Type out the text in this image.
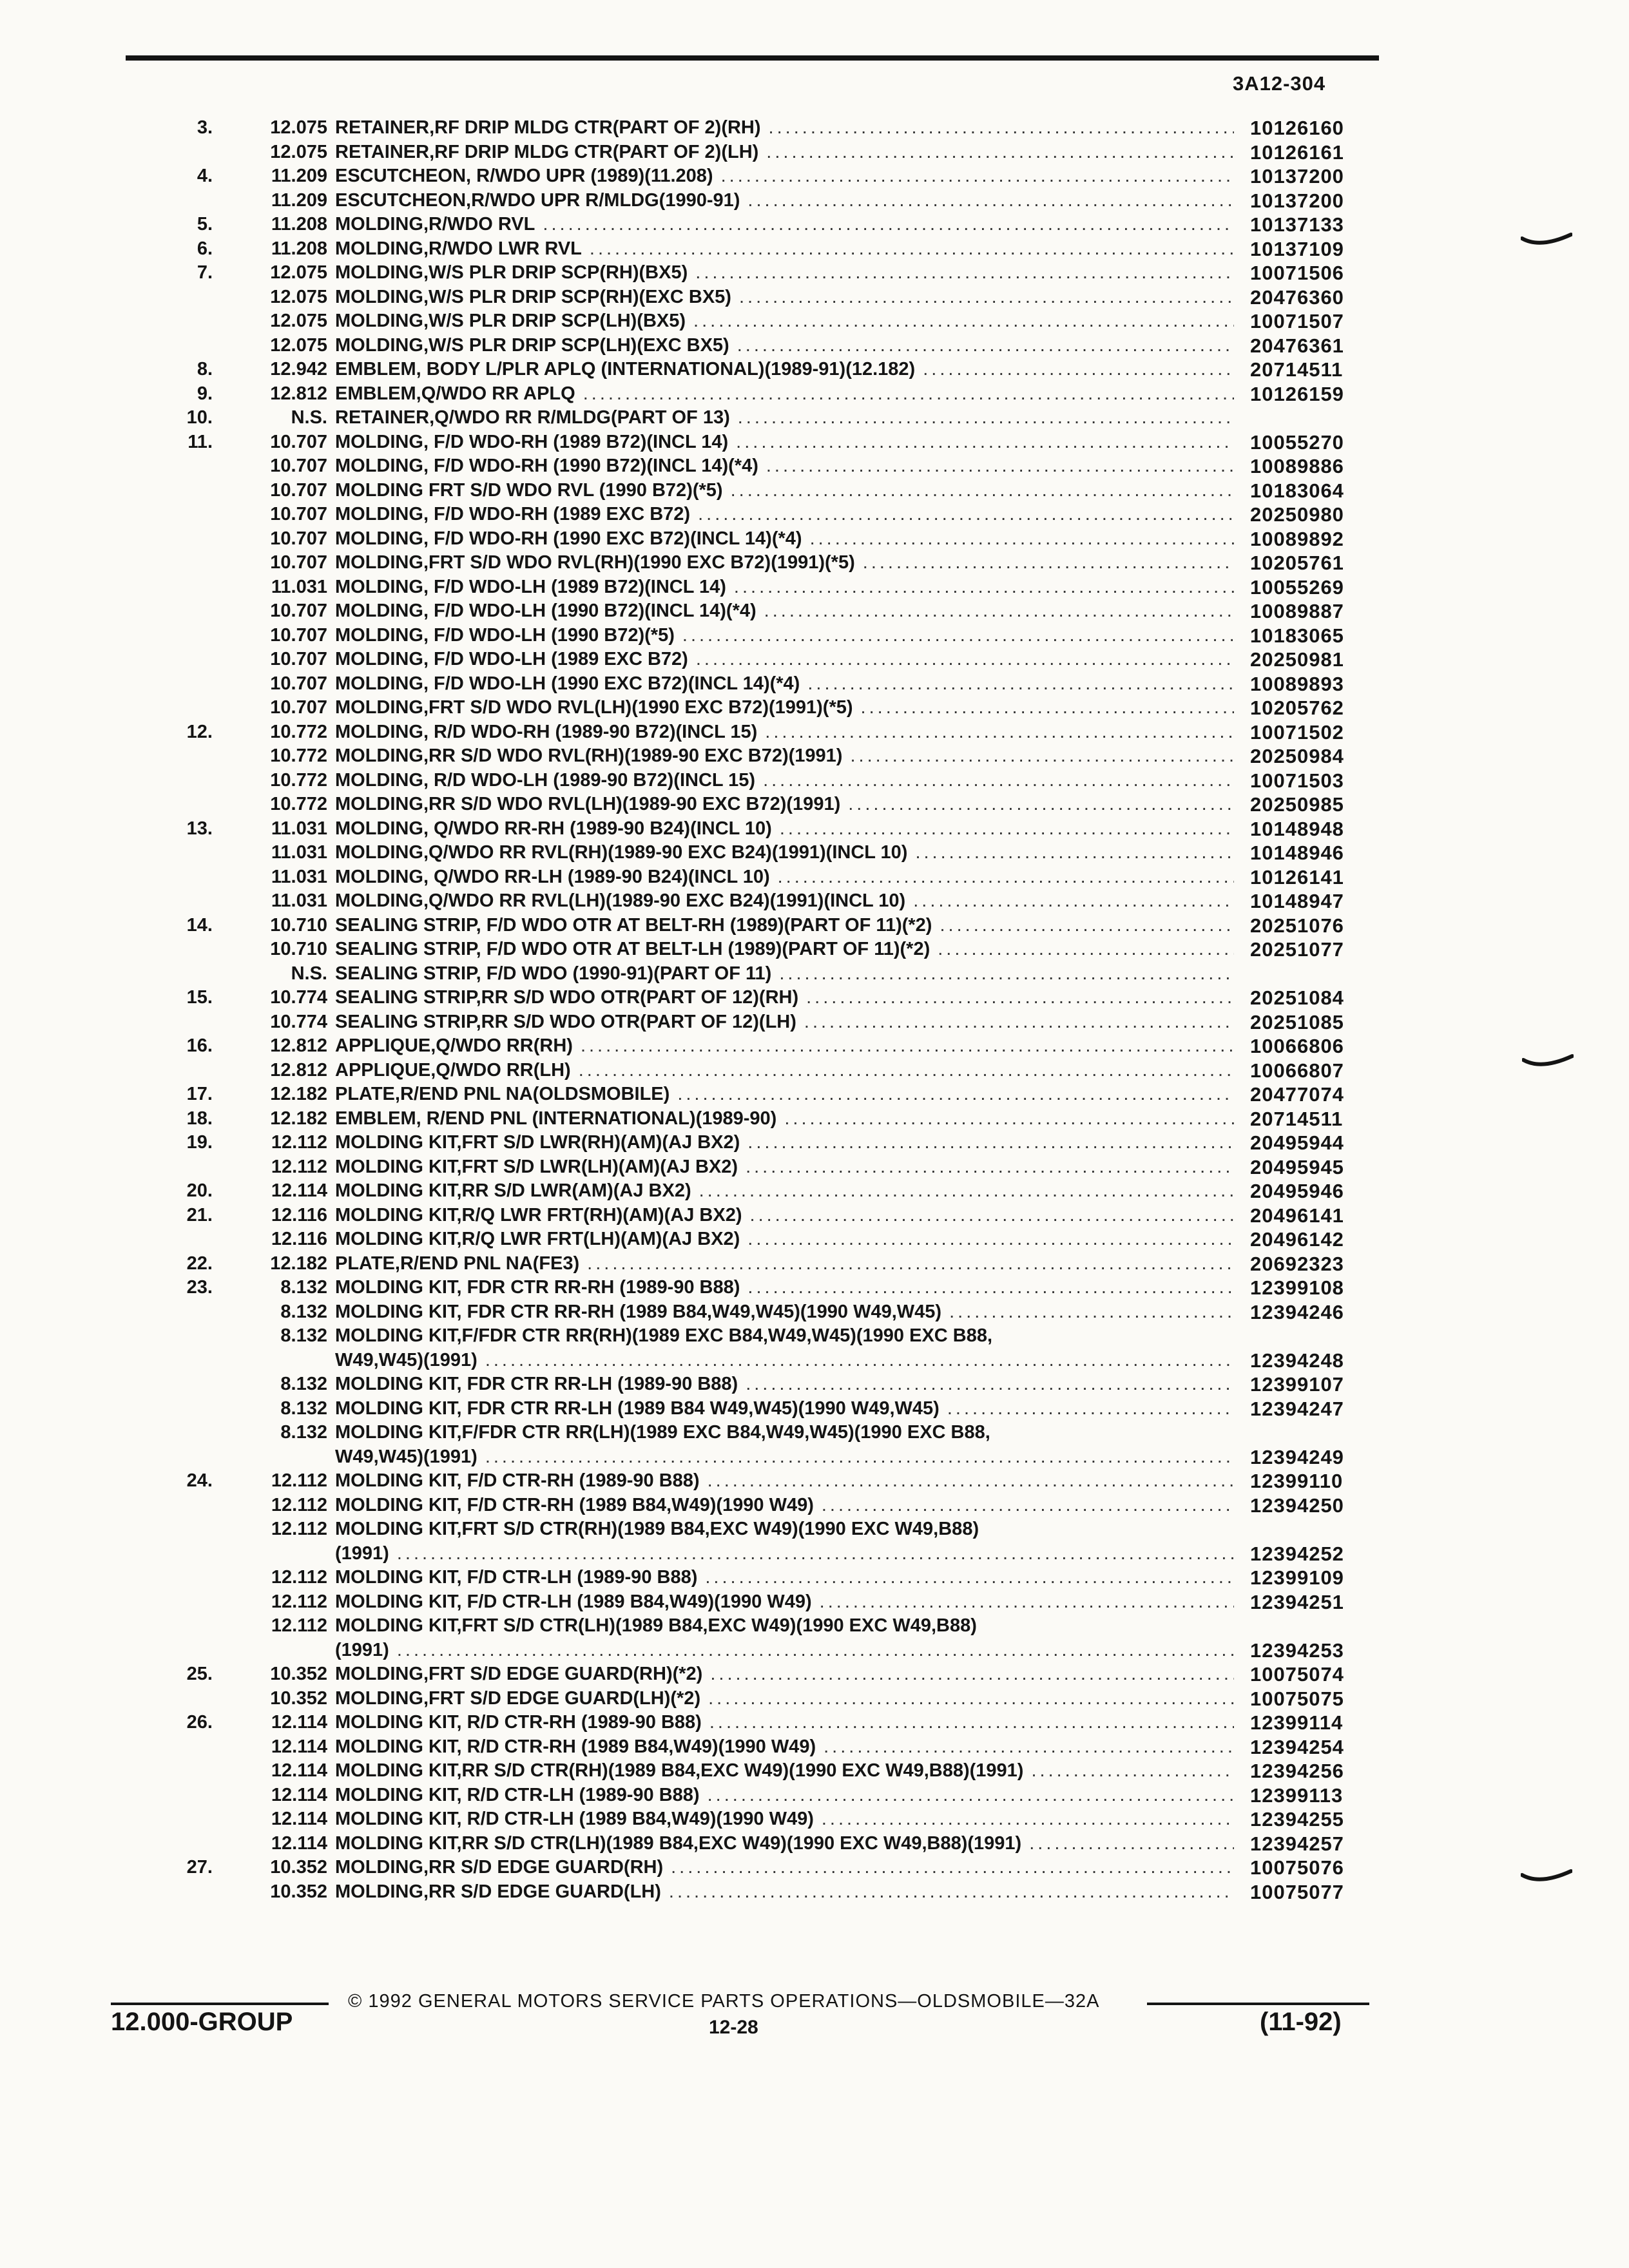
3A12-304
3.	12.075 RETAINER,RF DRIP MLDG CTR(PART OF 2)(RH) .....	10126160
12.075 RETAINER,RF DRIP MLDG CTR(PART OF 2)(LH) .....	10126161
4.	11.209 ESCUTCHEON, R/WDO UPR (1989)(11.208) .....	10137200
11.209 ESCUTCHEON,R/WDO UPR R/MLDG(1990-91) .....	10137200
5.	11.208 MOLDING,R/WDO RVL .....	10137133
6.	11.208 MOLDING,R/WDO LWR RVL .....	10137109
7.	12.075 MOLDING,W/S PLR DRIP SCP(RH)(BX5) .....	10071506
12.075 MOLDING,W/S PLR DRIP SCP(RH)(EXC BX5) .....	20476360
12.075 MOLDING,W/S PLR DRIP SCP(LH)(BX5) .....	10071507
12.075 MOLDING,W/S PLR DRIP SCP(LH)(EXC BX5) .....	20476361
8.	12.942 EMBLEM, BODY L/PLR APLQ (INTERNATIONAL)(1989-91)(12.182) .....	20714511
9.	12.812 EMBLEM,Q/WDO RR APLQ .....	10126159
10.	N.S. RETAINER,Q/WDO RR R/MLDG(PART OF 13)
.....
11.	10.707 MOLDING, F/D WDO-RH (1989 B72)(INCL 14) .....	10055270
10.707 MOLDING, F/D WDO-RH (1990 B72)(INCL 14)(*4) .....	10089886
10.707 MOLDING FRT S/D WDO RVL (1990 B72)(*5) .....	10183064
10.707 MOLDING, F/D WDO-RH (1989 EXC B72) .....	20250980
10.707 MOLDING, F/D WDO-RH (1990 EXC B72)(INCL 14)(*4) .....	10089892
10.707 MOLDING,FRT S/D WDO RVL(RH)(1990 EXC B72)(1991)(*5) .....	10205761
11.031 MOLDING, F/D WDO-LH (1989 B72)(INCL 14) .....	10055269
10.707 MOLDING, F/D WDO-LH (1990 B72)(INCL 14)(*4) .....	10089887
10.707 MOLDING, F/D WDO-LH (1990 B72)(*5) .....	10183065
10.707 MOLDING, F/D WDO-LH (1989 EXC B72) .....	20250981
10.707 MOLDING, F/D WDO-LH (1990 EXC B72)(INCL 14)(*4) .....	10089893
10.707 MOLDING,FRT S/D WDO RVL(LH)(1990 EXC B72)(1991)(*5) .....	10205762
12.	10.772 MOLDING, R/D WDO-RH (1989-90 B72)(INCL 15) .....	10071502
10.772 MOLDING,RR S/D WDO RVL(RH)(1989-90 EXC B72)(1991) .....	20250984
10.772 MOLDING, R/D WDO-LH (1989-90 B72)(INCL 15) .....	10071503
10.772 MOLDING,RR S/D WDO RVL(LH)(1989-90 EXC B72)(1991) .....	20250985
13.	11.031 MOLDING, Q/WDO RR-RH (1989-90 B24)(INCL 10) .....	10148948
11.031 MOLDING,Q/WDO RR RVL(RH)(1989-90 EXC B24)(1991)(INCL 10) .....	10148946
11.031 MOLDING, Q/WDO RR-LH (1989-90 B24)(INCL 10) .....	10126141
11.031 MOLDING,Q/WDO RR RVL(LH)(1989-90 EXC B24)(1991)(INCL 10) .....	10148947
14.	10.710 SEALING STRIP, F/D WDO OTR AT BELT-RH (1989)(PART OF 11)(*2) .....	20251076
10.710 SEALING STRIP, F/D WDO OTR AT BELT-LH (1989)(PART OF 11)(*2) .....	20251077
N.S. SEALING STRIP, F/D WDO (1990-91)(PART OF 11)
.....
15.	10.774 SEALING STRIP,RR S/D WDO OTR(PART OF 12)(RH) .....	20251084
10.774 SEALING STRIP,RR S/D WDO OTR(PART OF 12)(LH) .....	20251085
16.	12.812 APPLIQUE,Q/WDO RR(RH) .....	10066806
12.812 APPLIQUE,Q/WDO RR(LH) .....	10066807
17.	12.182 PLATE,R/END PNL NA(OLDSMOBILE) .....	20477074
18.	12.182 EMBLEM, R/END PNL (INTERNATIONAL)(1989-90) .....	20714511
19.	12.112 MOLDING KIT,FRT S/D LWR(RH)(AM)(AJ BX2) .....	20495944
12.112 MOLDING KIT,FRT S/D LWR(LH)(AM)(AJ BX2) .....	20495945
20.	12.114 MOLDING KIT,RR S/D LWR(AM)(AJ BX2) .....	20495946
21.	12.116 MOLDING KIT,R/Q LWR FRT(RH)(AM)(AJ BX2) .....	20496141
12.116 MOLDING KIT,R/Q LWR FRT(LH)(AM)(AJ BX2) .....	20496142
22.	12.182 PLATE,R/END PNL NA(FE3) .....	20692323
23.	8.132 MOLDING KIT, FDR CTR RR-RH (1989-90 B88) .....	12399108
8.132 MOLDING KIT, FDR CTR RR-RH (1989 B84,W49,W45)(1990 W49,W45) .....	12394246
8.132 MOLDING KIT,F/FDR CTR RR(RH)(1989 EXC B84,W49,W45)(1990 EXC B88,
W49,W45)(1991) .....	12394248
8.132 MOLDING KIT, FDR CTR RR-LH (1989-90 B88) .....	12399107
8.132 MOLDING KIT, FDR CTR RR-LH (1989 B84 W49,W45)(1990 W49,W45) .....	12394247
8.132 MOLDING KIT,F/FDR CTR RR(LH)(1989 EXC B84,W49,W45)(1990 EXC B88,
W49,W45)(1991) .....	12394249
24.	12.112 MOLDING KIT, F/D CTR-RH (1989-90 B88) .....	12399110
12.112 MOLDING KIT, F/D CTR-RH (1989 B84,W49)(1990 W49) .....	12394250
12.112 MOLDING KIT,FRT S/D CTR(RH)(1989 B84,EXC W49)(1990 EXC W49,B88)
(1991) .....	12394252
12.112 MOLDING KIT, F/D CTR-LH (1989-90 B88) .....	12399109
12.112 MOLDING KIT, F/D CTR-LH (1989 B84,W49)(1990 W49) .....	12394251
12.112 MOLDING KIT,FRT S/D CTR(LH)(1989 B84,EXC W49)(1990 EXC W49,B88)
(1991) .....	12394253
25.	10.352 MOLDING,FRT S/D EDGE GUARD(RH)(*2) .....	10075074
10.352 MOLDING,FRT S/D EDGE GUARD(LH)(*2) .....	10075075
26.	12.114 MOLDING KIT, R/D CTR-RH (1989-90 B88) .....	12399114
12.114 MOLDING KIT, R/D CTR-RH (1989 B84,W49)(1990 W49) .....	12394254
12.114 MOLDING KIT,RR S/D CTR(RH)(1989 B84,EXC W49)(1990 EXC W49,B88)(1991) .....	12394256
12.114 MOLDING KIT, R/D CTR-LH (1989-90 B88) .....	12399113
12.114 MOLDING KIT, R/D CTR-LH (1989 B84,W49)(1990 W49) .....	12394255
12.114 MOLDING KIT,RR S/D CTR(LH)(1989 B84,EXC W49)(1990 EXC W49,B88)(1991) .....	12394257
27.	10.352 MOLDING,RR S/D EDGE GUARD(RH) .....	10075076
10.352 MOLDING,RR S/D EDGE GUARD(LH) .....	10075077
© 1992 GENERAL MOTORS SERVICE PARTS OPERATIONS—OLDSMOBILE—32A
12.000-GROUP	12-28	(11-92)
